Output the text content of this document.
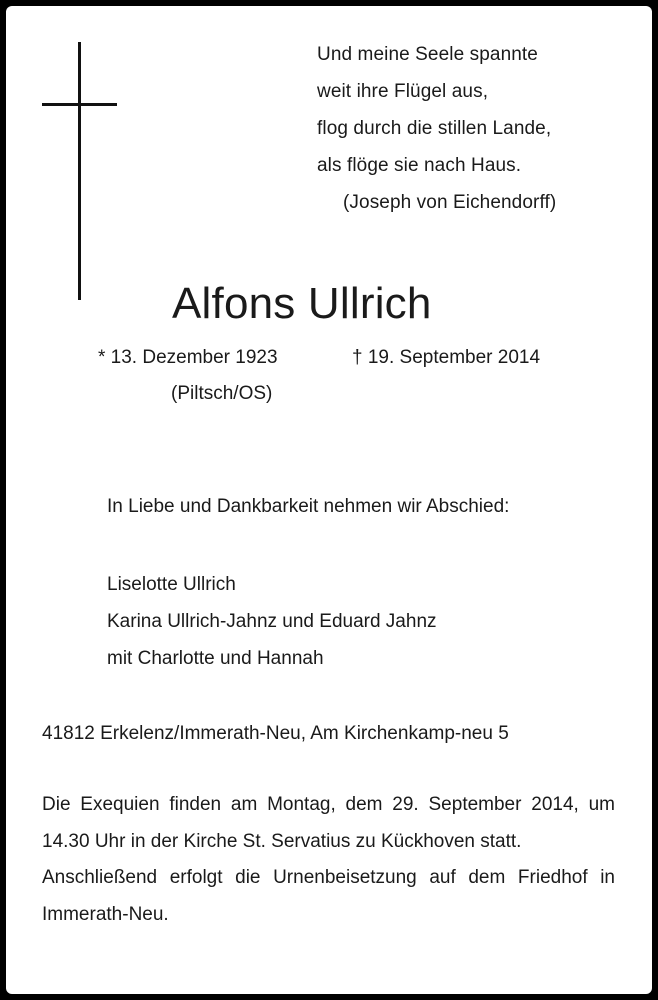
Und meine Seele spannte
weit ihre Flügel aus,
flog durch die stillen Lande,
als flöge sie nach Haus.
(Joseph von Eichendorff)
Alfons Ullrich
* 13. Dezember 1923	† 19. September 2014
(Piltsch/OS)
In Liebe und Dankbarkeit nehmen wir Abschied:
Liselotte Ullrich
Karina Ullrich-Jahnz und Eduard Jahnz
mit Charlotte und Hannah
41812 Erkelenz/Immerath-Neu, Am Kirchenkamp-neu 5

Die Exequien finden am Montag, dem 29. September 2014, um 14.30 Uhr in der Kirche St. Servatius zu Kückhoven statt.

Anschließend erfolgt die Urnenbeisetzung auf dem Friedhof in Immerath-Neu.
